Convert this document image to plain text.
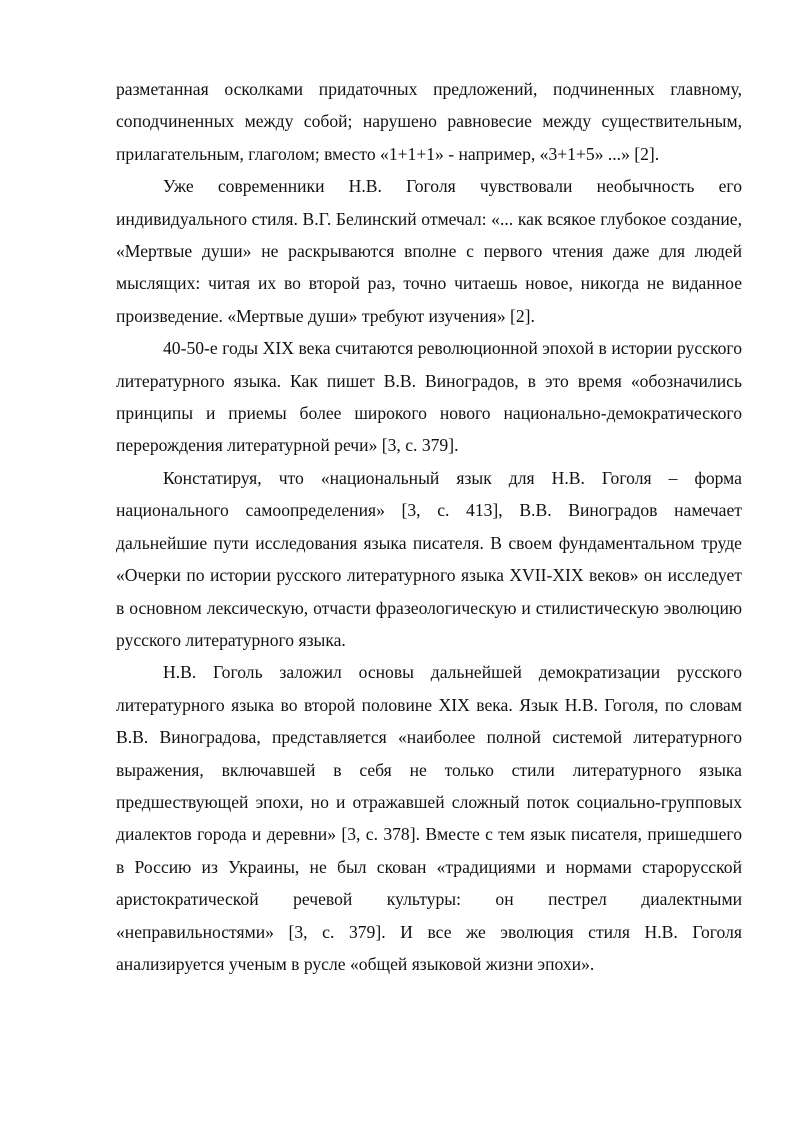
разметанная осколками придаточных предложений, подчиненных главному, соподчиненных между собой; нарушено равновесие между существительным, прилагательным, глаголом; вместо «1+1+1» - например, «3+1+5» ...» [2].

Уже современники Н.В. Гоголя чувствовали необычность его индивидуального стиля. В.Г. Белинский отмечал: «... как всякое глубокое создание, «Мертвые души» не раскрываются вполне с первого чтения даже для людей мыслящих: читая их во второй раз, точно читаешь новое, никогда не виданное произведение. «Мертвые души» требуют изучения» [2].

40-50-е годы XIX века считаются революционной эпохой в истории русского литературного языка. Как пишет В.В. Виноградов, в это время «обозначились принципы и приемы более широкого нового национально-демократического перерождения литературной речи» [3, с. 379].

Констатируя, что «национальный язык для Н.В. Гоголя – форма национального самоопределения» [3, с. 413], В.В. Виноградов намечает дальнейшие пути исследования языка писателя. В своем фундаментальном труде «Очерки по истории русского литературного языка XVII-XIX веков» он исследует в основном лексическую, отчасти фразеологическую и стилистическую эволюцию русского литературного языка.

Н.В. Гоголь заложил основы дальнейшей демократизации русского литературного языка во второй половине XIX века. Язык Н.В. Гоголя, по словам В.В. Виноградова, представляется «наиболее полной системой литературного выражения, включавшей в себя не только стили литературного языка предшествующей эпохи, но и отражавшей сложный поток социально-групповых диалектов города и деревни» [3, с. 378]. Вместе с тем язык писателя, пришедшего в Россию из Украины, не был скован «традициями и нормами старорусской аристократической речевой культуры: он пестрел диалектными «неправильностями» [3, с. 379]. И все же эволюция стиля Н.В. Гоголя анализируется ученым в русле «общей языковой жизни эпохи».
